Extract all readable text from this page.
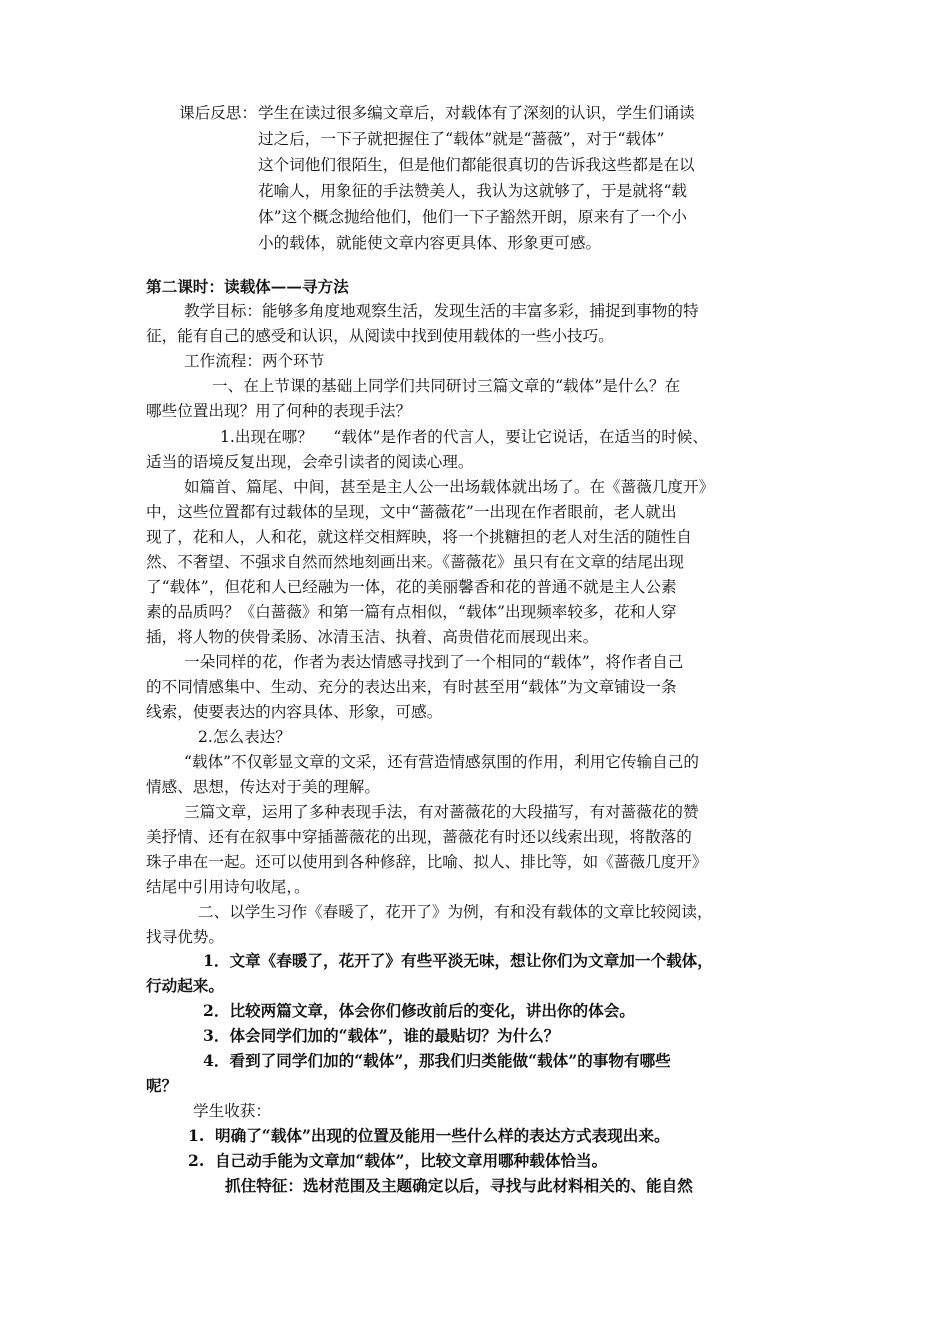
课后反思： 学生在读过很多编文章后，对载体有了深刻的认识，学生们诵读

过之后，一下子就把握住了“载体”就是“蔷薇”，对于“载体”

这个词他们很陌生，但是他们都能很真切的告诉我这些都是在以

花喻人，用象征的手法赞美人，我认为这就够了，于是就将“载

体”这个概念抛给他们，他们一下子豁然开朗，原来有了一个小

小的载体，就能使文章内容更具体、形象更可感。

第二课时：读载体——寻方法

教学目标：能够多角度地观察生活，发现生活的丰富多彩，捕捉到事物的特

征，能有自己的感受和认识，从阅读中找到使用载体的一些小技巧。

工作流程：两个环节

一、在上节课的基础上同学们共同研讨三篇文章的“载体”是什么？在

哪些位置出现？用了何种的表现手法？

1.出现在哪？　 “载体”是作者的代言人，要让它说话，在适当的时候、

适当的语境反复出现，会牵引读者的阅读心理。

如篇首、篇尾、中间，甚至是主人公一出场载体就出场了。在《蔷薇几度开》

中，这些位置都有过载体的呈现，文中“蔷薇花”一出现在作者眼前，老人就出

现了，花和人，人和花，就这样交相辉映，将一个挑糖担的老人对生活的随性自

然、不奢望、不强求自然而然地刻画出来。《蔷薇花》虽只有在文章的结尾出现

了“载体”，但花和人已经融为一体，花的美丽馨香和花的普通不就是主人公素

素的品质吗？《白蔷薇》和第一篇有点相似，“载体”出现频率较多，花和人穿

插，将人物的侠骨柔肠、冰清玉洁、执着、高贵借花而展现出来。

一朵同样的花，作者为表达情感寻找到了一个相同的“载体”，将作者自己

的不同情感集中、生动、充分的表达出来，有时甚至用“载体”为文章铺设一条

线索，使要表达的内容具体、形象，可感。

2.怎么表达？

“载体”不仅彰显文章的文采，还有营造情感氛围的作用，利用它传输自己的

情感、思想，传达对于美的理解。

三篇文章，运用了多种表现手法，有对蔷薇花的大段描写，有对蔷薇花的赞

美抒情、还有在叙事中穿插蔷薇花的出现，蔷薇花有时还以线索出现，将散落的

珠子串在一起。还可以使用到各种修辞，比喻、拟人、排比等，如《蔷薇几度开》

结尾中引用诗句收尾，。

二、以学生习作《春暖了，花开了》为例，有和没有载体的文章比较阅读，

找寻优势。

1．文章《春暖了，花开了》有些平淡无味，想让你们为文章加一个载体，

行动起来。

2．比较两篇文章，体会你们修改前后的变化，讲出你的体会。

3．体会同学们加的“载体”，谁的最贴切？为什么？

4．看到了同学们加的“载体”，那我们归类能做“载体”的事物有哪些

呢？

学生收获：

1. 明确了“载体”出现的位置及能用一些什么样的表达方式表现出来。

2. 自己动手能为文章加“载体”，比较文章用哪种载体恰当。

抓住特征：选材范围及主题确定以后，寻找与此材料相关的、能自然
